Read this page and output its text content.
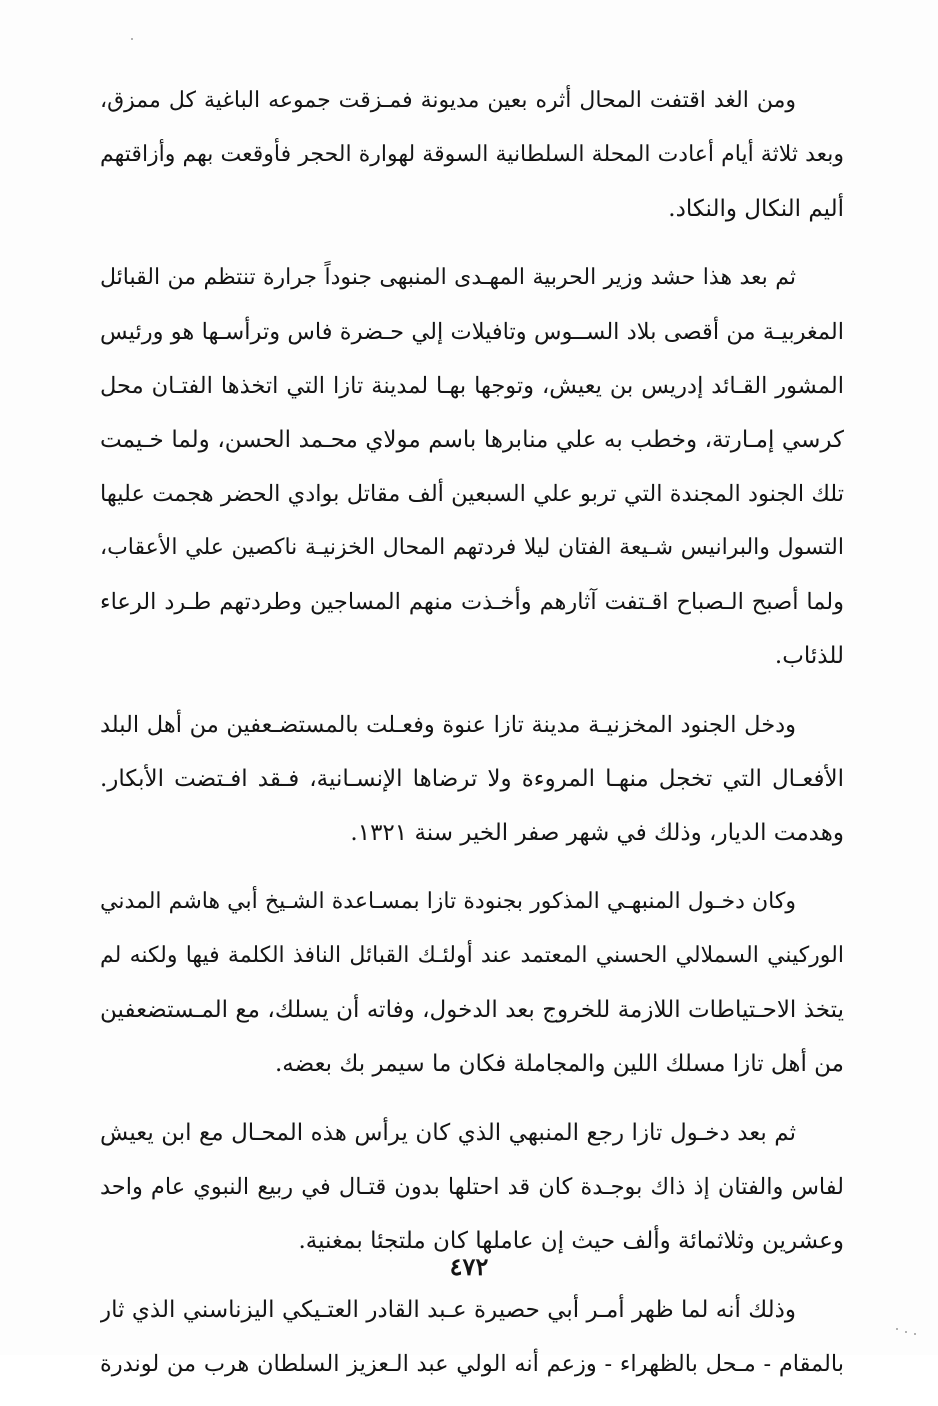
ومن الغد اقتفت المحال أثره بعين مديونة فمـزقت جموعه الباغية كل ممزق،
وبعد ثلاثة أيام أعادت المحلة السلطانية السوقة لهوارة الحجر فأوقعت بهم وأزاقتهم
أليم النكال والنكاد.

ثم بعد هذا حشد وزير الحربية المهـدى المنبهى جنوداً جرارة تنتظم من القبائل
المغربيـة من أقصى بلاد الســوس وتافيلات إلي حـضرة فاس وترأسـها هو ورئيس
المشور القـائد إدريس بن يعيش، وتوجها بهـا لمدينة تازا التي اتخذها الفتـان محل
كرسي إمـارتة، وخطب به علي منابرها باسم مولاي محـمد الحسن، ولما خـيمت
تلك الجنود المجندة التي تربو علي السبعين ألف مقاتل بوادي الحضر هجمت عليها
التسول والبرانيس شـيعة الفتان ليلا فردتهم المحال الخزنيـة ناكصين علي الأعقاب،
ولما أصبح الـصباح اقـتفت آثارهم وأخـذت منهم المساجين وطردتهم طـرد الرعاء
للذئاب.

ودخل الجنود المخزنيـة مدينة تازا عنوة وفعـلت بالمستضـعفين من أهل البلد
الأفعـال التي تخجل منهـا المروءة ولا ترضاها الإنسـانية، فـقد افـتضت الأبكار.
وهدمت الديار، وذلك في شهر صفر الخير سنة ١٣٢١.

وكان دخـول المنبهـي المذكور بجنودة تازا بمسـاعدة الشـيخ أبي هاشم المدني
الوركيني السملالي الحسني المعتمد عند أولئـك القبائل النافذ الكلمة فيها ولكنه لم
يتخذ الاحـتياطات اللازمة للخروج بعد الدخول، وفاته أن يسلك، مع المـستضعفين
من أهل تازا مسلك اللين والمجاملة فكان ما سيمر بك بعضه.

ثم بعد دخـول تازا رجع المنبهي الذي كان يرأس هذه المحـال مع ابن يعيش
لفاس والفتان إذ ذاك بوجـدة كان قد احتلها بدون قتـال في ربيع النبوي عام واحد
وعشرين وثلاثمائة وألف حيث إن عاملها كان ملتجئا بمغنية.

وذلك أنه لما ظهر أمـر أبي حصيرة عـبد القادر العتـيكي اليزناسني الذي ثار
بالمقام - مـحل بالظهراء - وزعم أنه الولي عبد الـعزيز السلطان هرب من لوندرة

٤٧٢
